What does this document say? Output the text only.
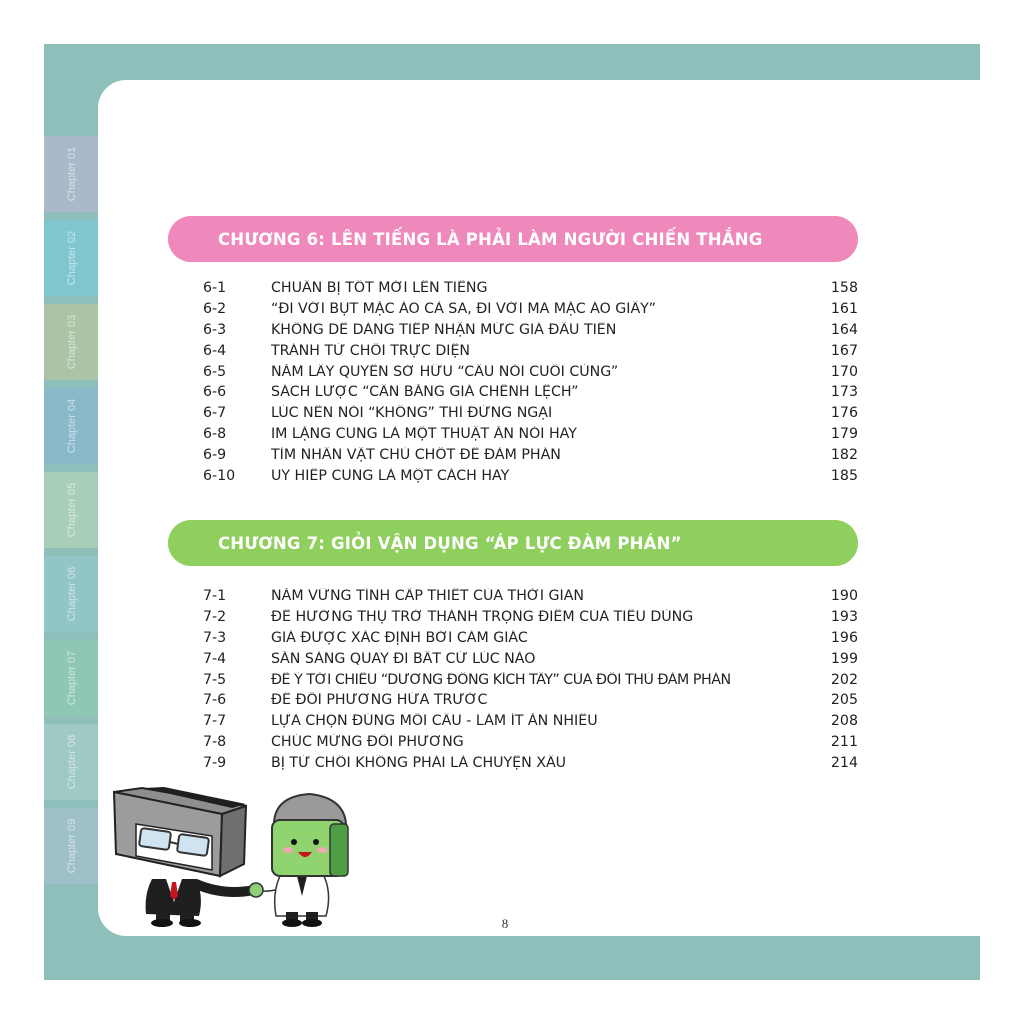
Chapter 01
Chapter 02
Chapter 03
Chapter 04
Chapter 05
Chapter 06
Chapter 07
Chapter 08
Chapter 09
CHƯƠNG 6: LÊN TIẾNG LÀ PHẢI LÀM NGƯỜI CHIẾN THẮNG
6-1	CHUẨN BỊ TỐT MỚI LÊN TIẾNG	158
6-2	“ĐI VỚI BỤT MẶC ÁO CÀ SA, ĐI VỚI MA MẶC ÁO GIẤY”	161
6-3	KHÔNG DỄ DÀNG TIẾP NHẬN MỨC GIÁ ĐẦU TIÊN	164
6-4	TRÁNH TỪ CHỐI TRỰC DIỆN	167
6-5	NẮM LẤY QUYỀN SỞ HỮU “CÂU NÓI CUỐI CÙNG”	170
6-6	SÁCH LƯỢC “CÂN BẰNG GIÁ CHÊNH LỆCH”	173
6-7	LÚC NÊN NÓI “KHÔNG” THÌ ĐỪNG NGẠI	176
6-8	IM LẶNG CŨNG LÀ MỘT THUẬT ĂN NÓI HAY	179
6-9	TÌM NHÂN VẬT CHỦ CHỐT ĐỂ ĐÀM PHÁN	182
6-10	UY HIẾP CŨNG LÀ MỘT CÁCH HAY	185
CHƯƠNG 7: GIỎI VẬN DỤNG “ÁP LỰC ĐÀM PHÁN”
7-1	NẮM VỮNG TÍNH CẤP THIẾT CỦA THỜI GIAN	190
7-2	ĐỂ HƯỞNG THỤ TRỞ THÀNH TRỌNG ĐIỂM CỦA TIÊU DÙNG	193
7-3	GIÁ ĐƯỢC XÁC ĐỊNH BỞI CẢM GIÁC	196
7-4	SẴN SÀNG QUAY ĐI BẤT CỨ LÚC NÀO	199
7-5	ĐỂ Ý TỚI CHIÊU “DƯƠNG ĐÔNG KÍCH TÂY” CỦA ĐỐI THỦ ĐÀM PHÁN	202
7-6	ĐỂ ĐỐI PHƯƠNG HỨA TRƯỚC	205
7-7	LỰA CHỌN ĐÚNG MỖI CÂU - LÀM ÍT ĂN NHIỀU	208
7-8	CHÚC MỪNG ĐỐI PHƯƠNG	211
7-9	BỊ TỪ CHỐI KHÔNG PHẢI LÀ CHUYỆN XẤU	214
8
